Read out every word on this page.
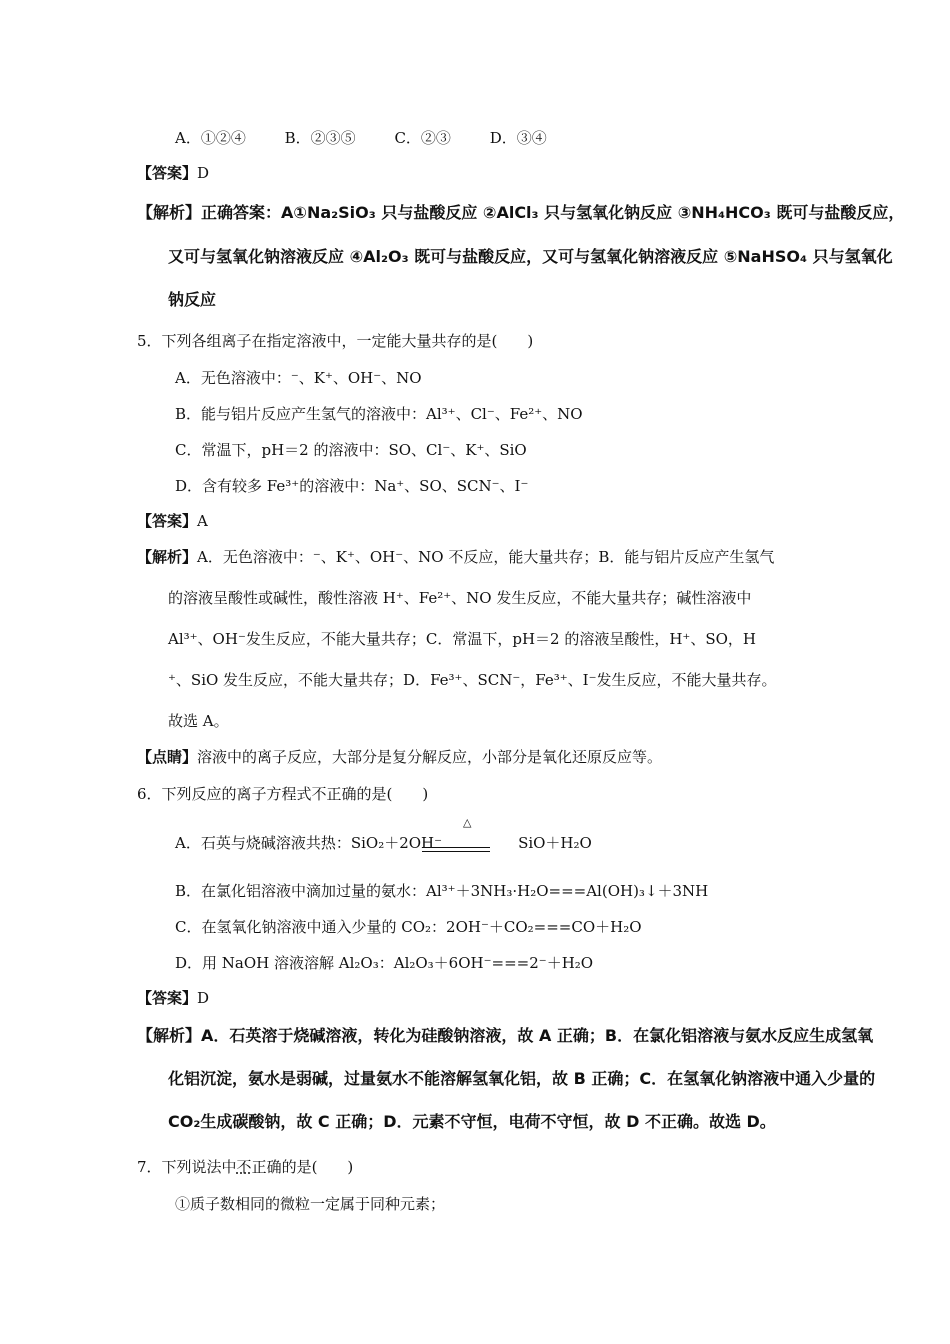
A．①②④	B．②③⑤	C．②③	D．③④
【答案】D
【解析】正确答案：A①Na₂SiO₃ 只与盐酸反应 ②AlCl₃ 只与氢氧化钠反应 ③NH₄HCO₃ 既可与盐酸反应，
又可与氢氧化钠溶液反应 ④Al₂O₃ 既可与盐酸反应，又可与氢氧化钠溶液反应 ⑤NaHSO₄ 只与氢氧化
钠反应
5．下列各组离子在指定溶液中，一定能大量共存的是(　　)
A．无色溶液中：⁻、K⁺、OH⁻、NO
B．能与铝片反应产生氢气的溶液中：Al³⁺、Cl⁻、Fe²⁺、NO
C．常温下，pH＝2 的溶液中：SO、Cl⁻、K⁺、SiO
D．含有较多 Fe³⁺的溶液中：Na⁺、SO、SCN⁻、I⁻
【答案】A
【解析】A．无色溶液中：⁻、K⁺、OH⁻、NO 不反应，能大量共存；B．能与铝片反应产生氢气
的溶液呈酸性或碱性，酸性溶液 H⁺、Fe²⁺、NO 发生反应，不能大量共存；碱性溶液中
Al³⁺、OH⁻发生反应，不能大量共存；C．常温下，pH＝2 的溶液呈酸性，H⁺、SO，H
⁺、SiO 发生反应，不能大量共存；D．Fe³⁺、SCN⁻，Fe³⁺、I⁻发生反应，不能大量共存。
故选 A。
【点睛】溶液中的离子反应，大部分是复分解反应，小部分是氧化还原反应等。
6．下列反应的离子方程式不正确的是(　　)
△
A．石英与烧碱溶液共热：SiO₂＋2OH⁻	SiO＋H₂O
B．在氯化铝溶液中滴加过量的氨水：Al³⁺＋3NH₃·H₂O===Al(OH)₃↓＋3NH
C．在氢氧化钠溶液中通入少量的 CO₂：2OH⁻＋CO₂===CO＋H₂O
D．用 NaOH 溶液溶解 Al₂O₃：Al₂O₃＋6OH⁻===2⁻＋H₂O
【答案】D
【解析】A．石英溶于烧碱溶液，转化为硅酸钠溶液，故 A 正确；B．在氯化铝溶液与氨水反应生成氢氧
化铝沉淀，氨水是弱碱，过量氨水不能溶解氢氧化铝，故 B 正确；C．在氢氧化钠溶液中通入少量的
CO₂生成碳酸钠，故 C 正确；D．元素不守恒，电荷不守恒，故 D 不正确。故选 D。
7．下列说法中不正确的是(　　)
①质子数相同的微粒一定属于同种元素；
